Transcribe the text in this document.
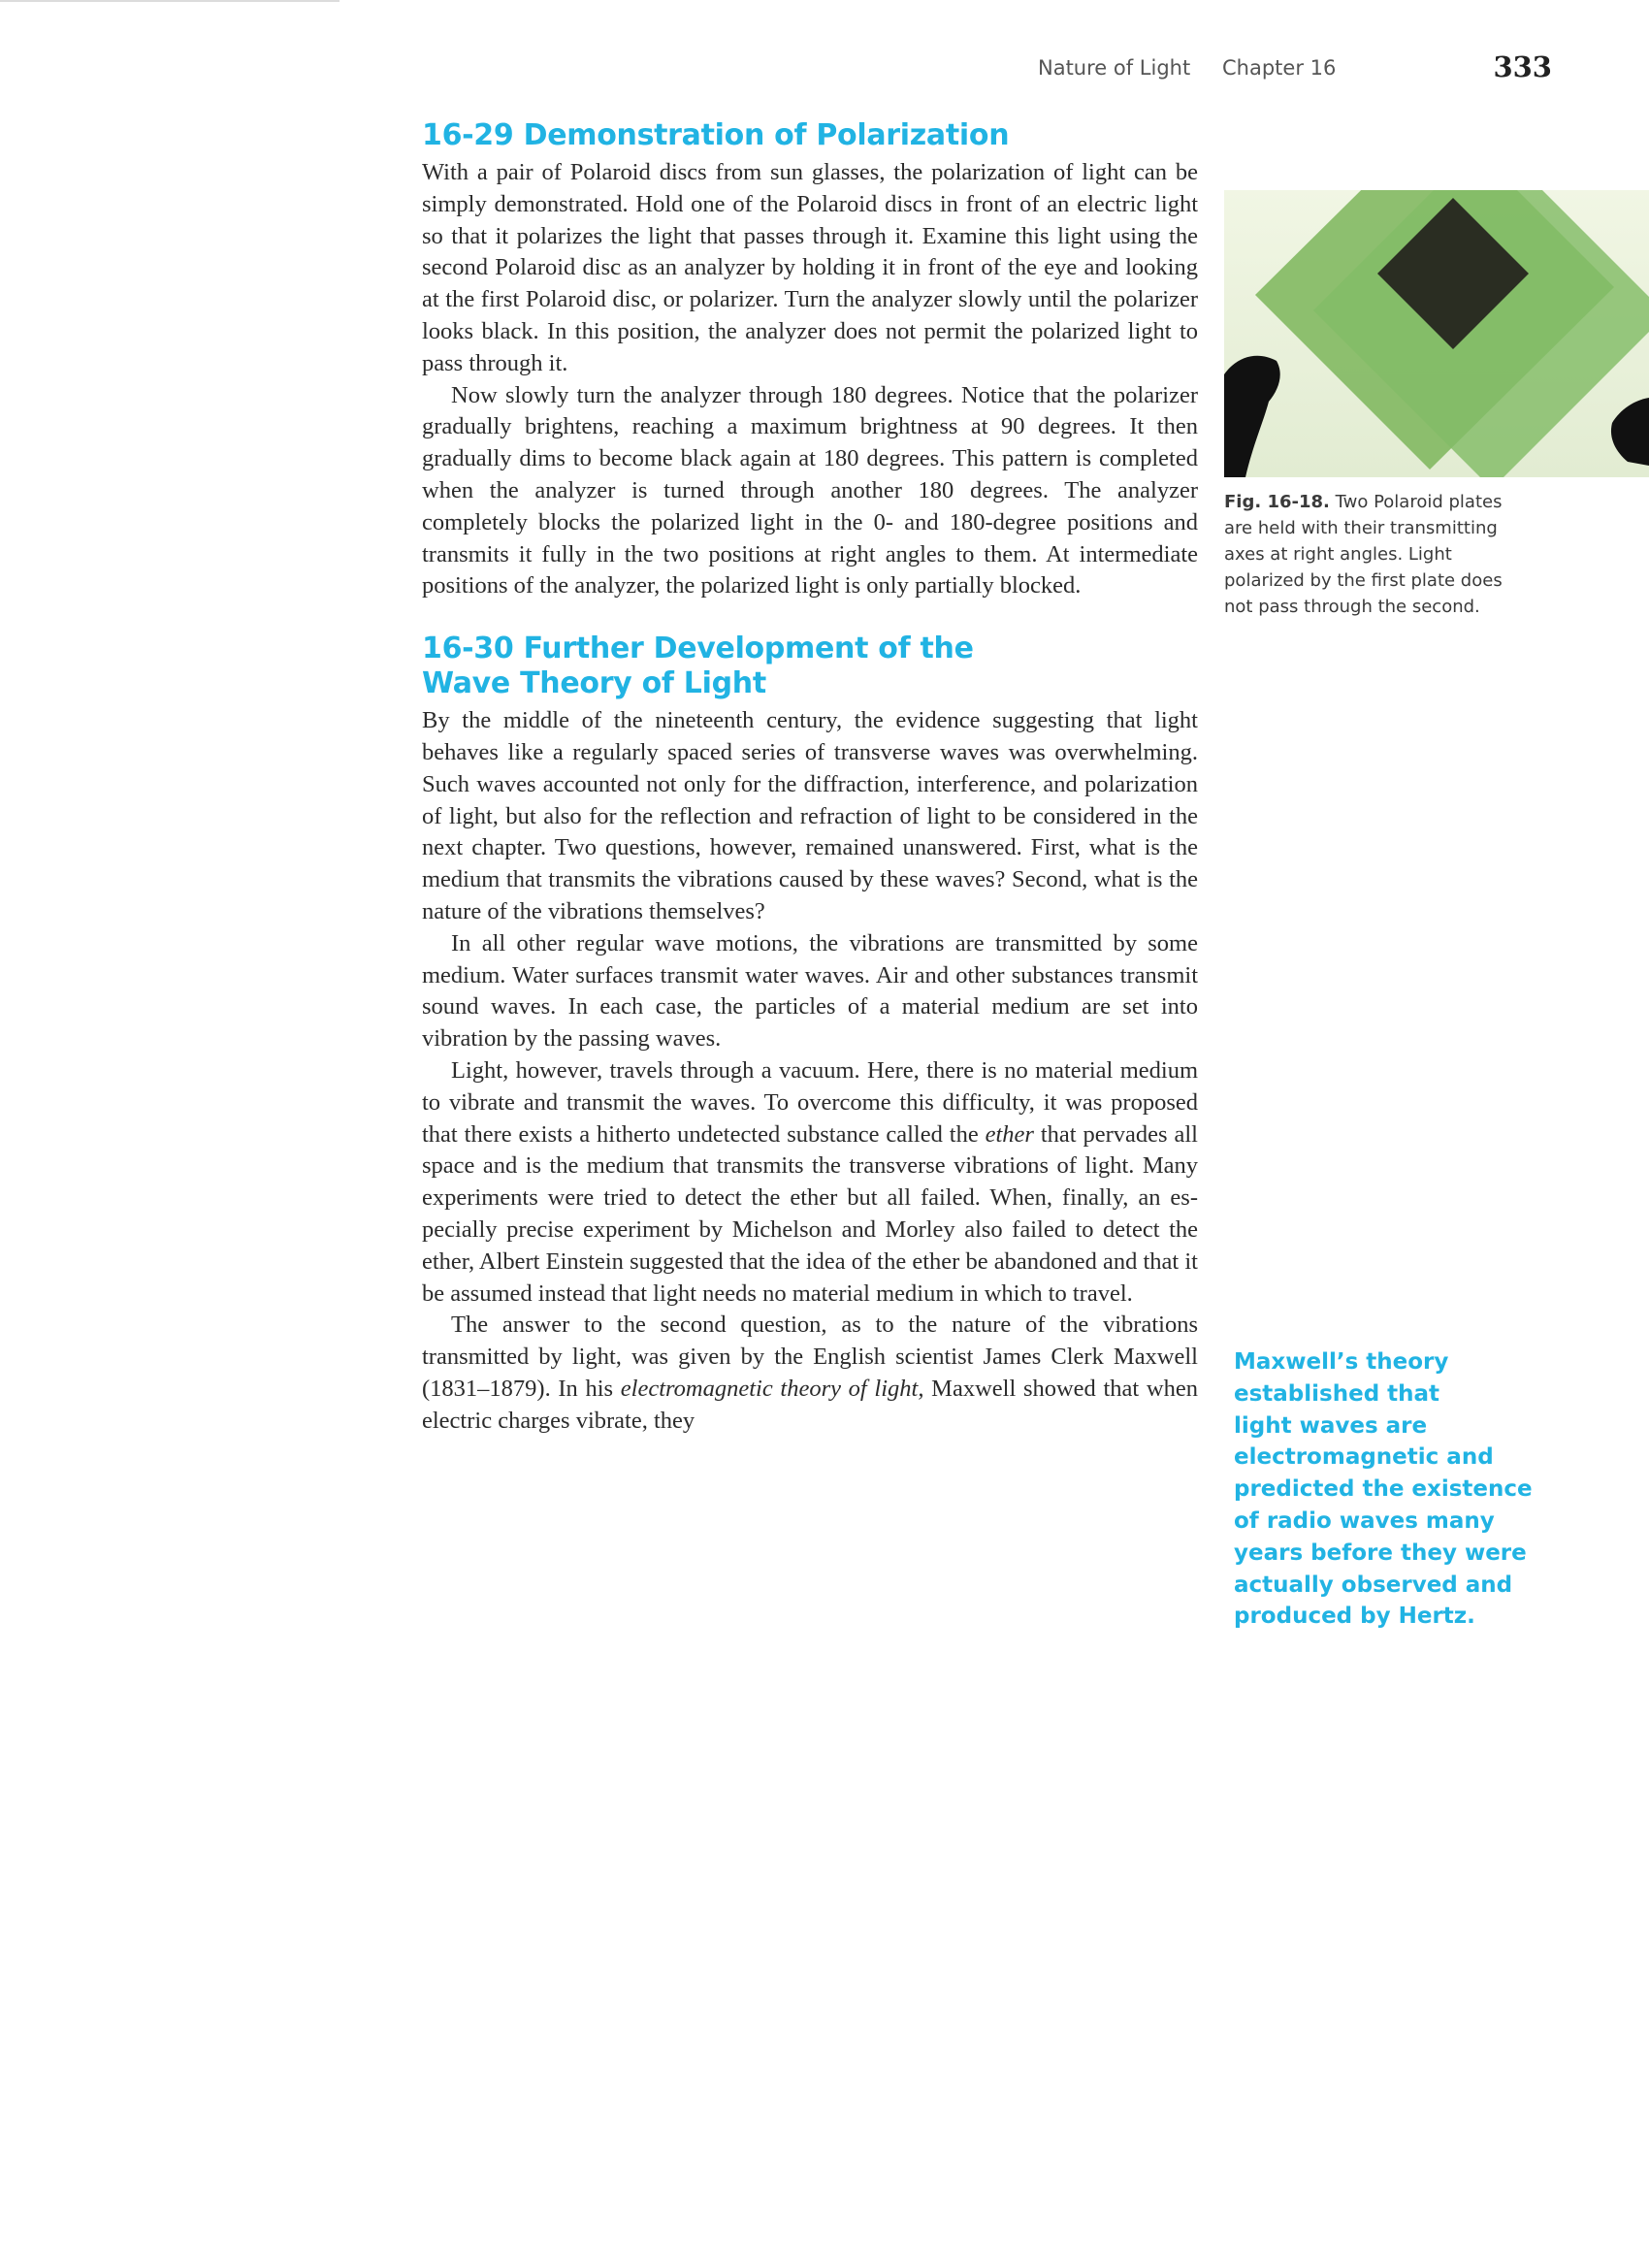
Nature of Light Chapter 16	333
16-29 Demonstration of Polarization

With a pair of Polaroid discs from sun glasses, the polarization of light can be simply demonstrated. Hold one of the Polaroid discs in front of an electric light so that it polarizes the light that passes through it. Examine this light using the second Polaroid disc as an analyzer by holding it in front of the eye and looking at the first Polaroid disc, or polarizer. Turn the analyzer slowly until the polarizer looks black. In this position, the analyzer does not permit the polarized light to pass through it.

Now slowly turn the analyzer through 180 degrees. Notice that the polarizer gradually brightens, reaching a maximum brightness at 90 degrees. It then gradually dims to become black again at 180 degrees. This pattern is completed when the analyzer is turned through another 180 degrees. The analyzer completely blocks the polarized light in the 0- and 180-degree positions and transmits it fully in the two positions at right angles to them. At intermediate positions of the analyzer, the polarized light is only partially blocked.

16-30 Further Development of the
Wave Theory of Light

By the middle of the nineteenth century, the evidence suggesting that light behaves like a regularly spaced series of transverse waves was overwhelming. Such waves accounted not only for the diffraction, interference, and polarization of light, but also for the reflection and refraction of light to be considered in the next chapter. Two questions, however, remained unanswered. First, what is the medium that transmits the vibrations caused by these waves? Second, what is the nature of the vibrations themselves?

In all other regular wave motions, the vibrations are transmitted by some medium. Water surfaces transmit water waves. Air and other substances transmit sound waves. In each case, the particles of a material medium are set into vibration by the passing waves.

Light, however, travels through a vacuum. Here, there is no material medium to vibrate and transmit the waves. To overcome this difficulty, it was proposed that there exists a hitherto undetected substance called the ether that pervades all space and is the medium that transmits the transverse vibrations of light. Many experiments were tried to detect the ether but all failed. When, finally, an especially precise experiment by Michelson and Morley also failed to detect the ether, Albert Einstein suggested that the idea of the ether be abandoned and that it be assumed instead that light needs no material medium in which to travel.

The answer to the second question, as to the nature of the vibrations transmitted by light, was given by the English scientist James Clerk Maxwell (1831–1879). In his electromagnetic theory of light, Maxwell showed that when electric charges vibrate, they

Fig. 16-18. Two Polaroid plates are held with their transmitting axes at right angles. Light polarized by the first plate does not pass through the second.
Maxwell’s theory
established that
light waves are
electromagnetic and
predicted the existence
of radio waves many
years before they were
actually observed and
produced by Hertz.
